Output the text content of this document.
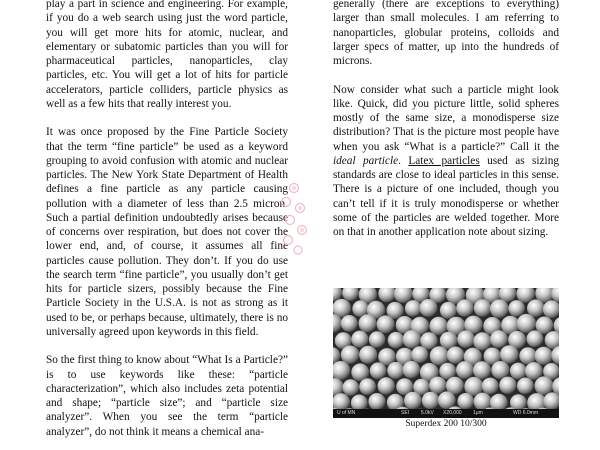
play a part in science and engineering. For example, if you do a web search using just the word particle, you will get more hits for atomic, nuclear, and elementary or subatomic particles than you will for pharmaceutical particles, nanoparticles, clay particles, etc. You will get a lot of hits for particle accelerators, particle colliders, particle physics as well as a few hits that really interest you.

It was once proposed by the Fine Particle Society that the term “fine particle” be used as a keyword grouping to avoid confusion with atomic and nuclear particles. The New York State Department of Health defines a fine particle as any particle causing pollution with a diameter of less than 2.5 micron. Such a partial definition undoubtedly arises because of concerns over respiration, but does not cover the lower end, and, of course, it assumes all fine particles cause pollution. They don’t. If you do use the search term “fine particle”, you usually don’t get hits for particle sizers, possibly because the Fine Particle Society in the U.S.A. is not as strong as it used to be, or perhaps because, ultimately, there is no universally agreed upon keywords in this field.

So the first thing to know about “What Is a Particle?” is to use keywords like these: “particle characterization”, which also includes zeta potential and shape; “particle size”; and “particle size analyzer”. When you see the term “particle analyzer”, do not think it means a chemical ana-

generally (there are exceptions to everything) larger than small molecules. I am referring to nanoparticles, globular proteins, colloids and larger specs of matter, up into the hundreds of microns.

Now consider what such a particle might look like. Quick, did you picture little, solid spheres mostly of the same size, a monodisperse size distribution? That is the picture most people have when you ask “What is a particle?” Call it the ideal particle. Latex particles used as sizing standards are close to ideal particles in this sense. There is a picture of one included, though you can’t tell if it is truly monodisperse or whether some of the particles are welded together. More on that in another application note about sizing.

U of MN	SEI 5.0kV X20,000 1μm	WD 6.0mm
Superdex 200 10/300
